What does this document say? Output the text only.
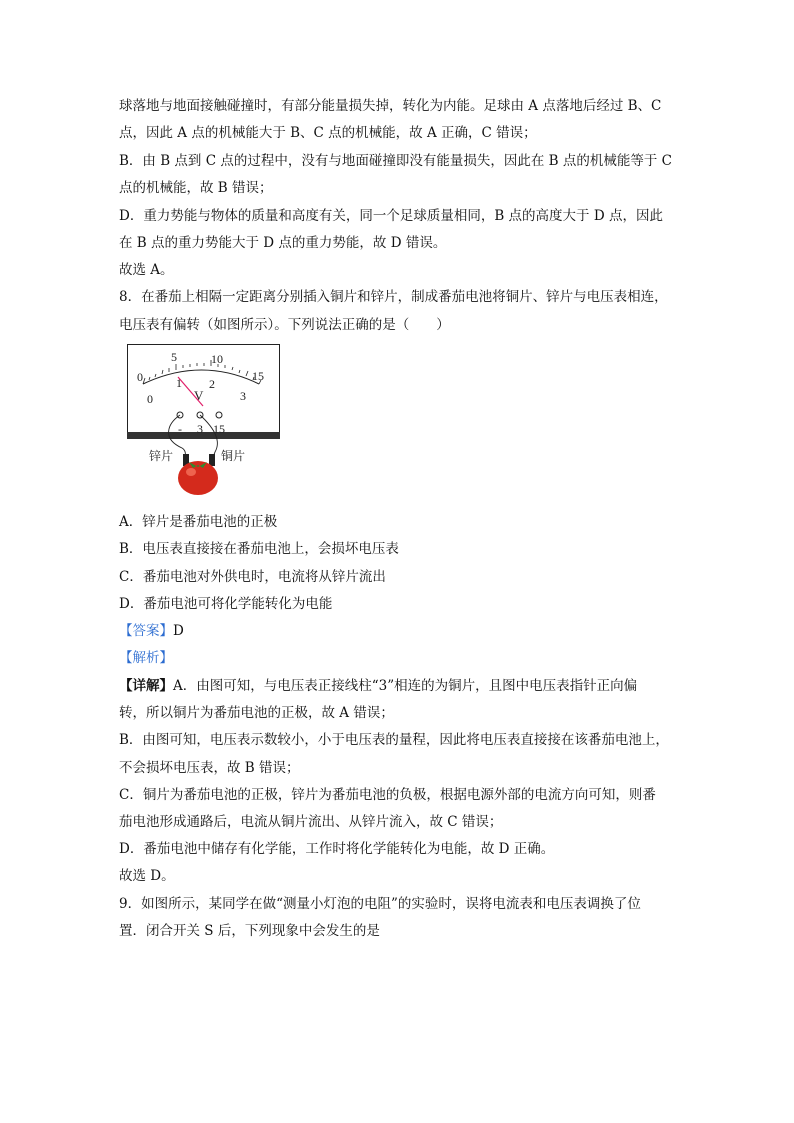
球落地与地面接触碰撞时，有部分能量损失掉，转化为内能。足球由 A 点落地后经过 B、C
点，因此 A 点的机械能大于 B、C 点的机械能，故 A 正确，C 错误；
B．由 B 点到 C 点的过程中，没有与地面碰撞即没有能量损失，因此在 B 点的机械能等于 C
点的机械能，故 B 错误；
D．重力势能与物体的质量和高度有关，同一个足球质量相同，B 点的高度大于 D 点，因此
在 B 点的重力势能大于 D 点的重力势能，故 D 错误。
故选 A。
8．在番茄上相隔一定距离分别插入铜片和锌片，制成番茄电池将铜片、锌片与电压表相连，
电压表有偏转（如图所示）。下列说法正确的是（　　）
0
5	10
15
0
1 2
3
V
- 3 15
锌片	铜片
A．锌片是番茄电池的正极
B．电压表直接接在番茄电池上，会损坏电压表
C．番茄电池对外供电时，电流将从锌片流出
D．番茄电池可将化学能转化为电能
【答案】D
【解析】
【详解】A．由图可知，与电压表正接线柱“3”相连的为铜片，且图中电压表指针正向偏
转，所以铜片为番茄电池的正极，故 A 错误；
B．由图可知，电压表示数较小，小于电压表的量程，因此将电压表直接接在该番茄电池上，
不会损坏电压表，故 B 错误；
C．铜片为番茄电池的正极，锌片为番茄电池的负极，根据电源外部的电流方向可知，则番
茄电池形成通路后，电流从铜片流出、从锌片流入，故 C 错误；
D．番茄电池中储存有化学能，工作时将化学能转化为电能，故 D 正确。
故选 D。
9．如图所示，某同学在做“测量小灯泡的电阻”的实验时，误将电流表和电压表调换了位
置．闭合开关 S 后，下列现象中会发生的是
